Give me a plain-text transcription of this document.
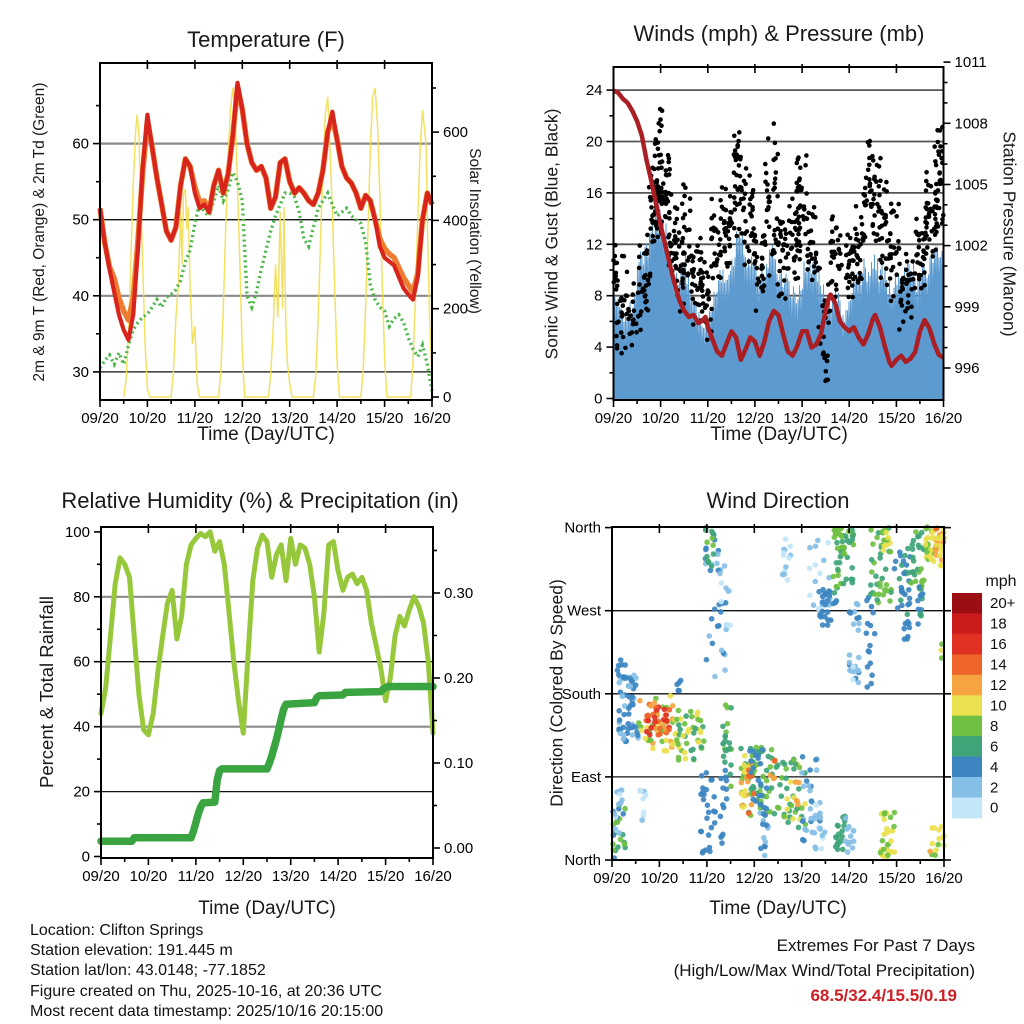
09/20 10/20 11/20 12/20 13/20 14/20 15/20 16/20
30
40
50
60
0
200
400
600
09/20 10/20 11/20 12/20 13/20 14/20 15/20 16/20
0
4
8
12
16
20
24
996
999
1002
1005
1008
1011
09/20 10/20 11/20 12/20 13/20 14/20 15/20 16/20
0
20
40
60
80
100
0.00
0.10
0.20
0.30
09/20 10/20 11/20 12/20 13/20 14/20 15/20 16/20
North
East
South
West
North
mph
20+
18
16
14
12
10
8
6
4
2
0
Temperature (F)
2m & 9m T (Red, Orange) & 2m Td (Green)	Solar Insolation (Yellow)
Time (Day/UTC)
Winds (mph) & Pressure (mb)
Sonic Wind & Gust (Blue, Black)	Station Pressure (Maroon)
Time (Day/UTC)
Relative Humidity (%) & Precipitation (in)
Percent & Total Rainfall
Time (Day/UTC)
Wind Direction
Direction (Colored By Speed)
Time (Day/UTC)
Location: Clifton Springs
Station elevation: 191.445 m
Station lat/lon: 43.0148; -77.1852
Figure created on Thu, 2025-10-16, at 20:36 UTC
Most recent data timestamp: 2025/10/16 20:15:00
Extremes For Past 7 Days
(High/Low/Max Wind/Total Precipitation)
68.5/32.4/15.5/0.19
